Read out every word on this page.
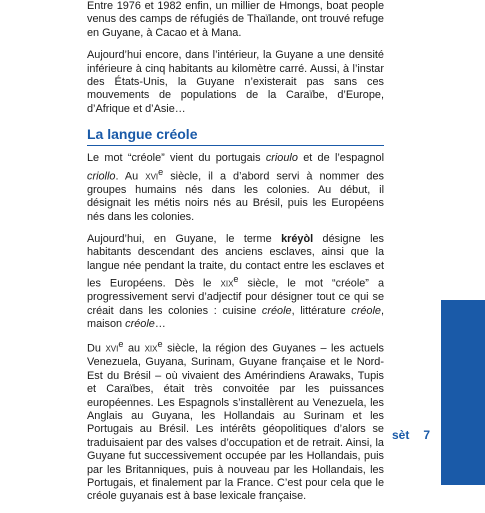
Entre 1976 et 1982 enfin, un millier de Hmongs, boat people venus des camps de réfugiés de Thaïlande, ont trouvé refuge en Guyane, à Cacao et à Mana.

Aujourd’hui encore, dans l’intérieur, la Guyane a une densité inférieure à cinq habitants au kilomètre carré. Aussi, à l’instar des États-Unis, la Guyane n’existerait pas sans ces mouvements de populations de la Caraïbe, d’Europe, d’Afrique et d’Asie…

La langue créole

Le mot “créole” vient du portugais crioulo et de l’espagnol criollo. Au xvi$^e$ siècle, il a d’abord servi à nommer des groupes humains nés dans les colonies. Au début, il désignait les métis noirs nés au Brésil, puis les Européens nés dans les colonies.

Aujourd’hui, en Guyane, le terme kréyòl désigne les habitants descendant des anciens esclaves, ainsi que la langue née pendant la traite, du contact entre les esclaves et les Européens. Dès le xix$^e$ siècle, le mot “créole” a progressivement servi d’adjectif pour désigner tout ce qui se créait dans les colonies : cuisine créole, littérature créole, maison créole…

Du xvi$^e$ au xix$^e$ siècle, la région des Guyanes – les actuels Venezuela, Guyana, Surinam, Guyane française et le Nord-Est du Brésil – où vivaient des Amérindiens Arawaks, Tupis et Caraïbes, était très convoitée par les puissances européennes. Les Espagnols s’installèrent au Venezuela, les Anglais au Guyana, les Hollandais au Surinam et les Portugais au Brésil. Les intérêts géopolitiques d’alors se traduisaient par des valses d’occupation et de retrait. Ainsi, la Guyane fut successivement occupée par les Hollandais, puis par les Britanniques, puis à nouveau par les Hollandais, les Portugais, et finalement par la France. C’est pour cela que le créole guyanais est à base lexicale française.

sèt 7
